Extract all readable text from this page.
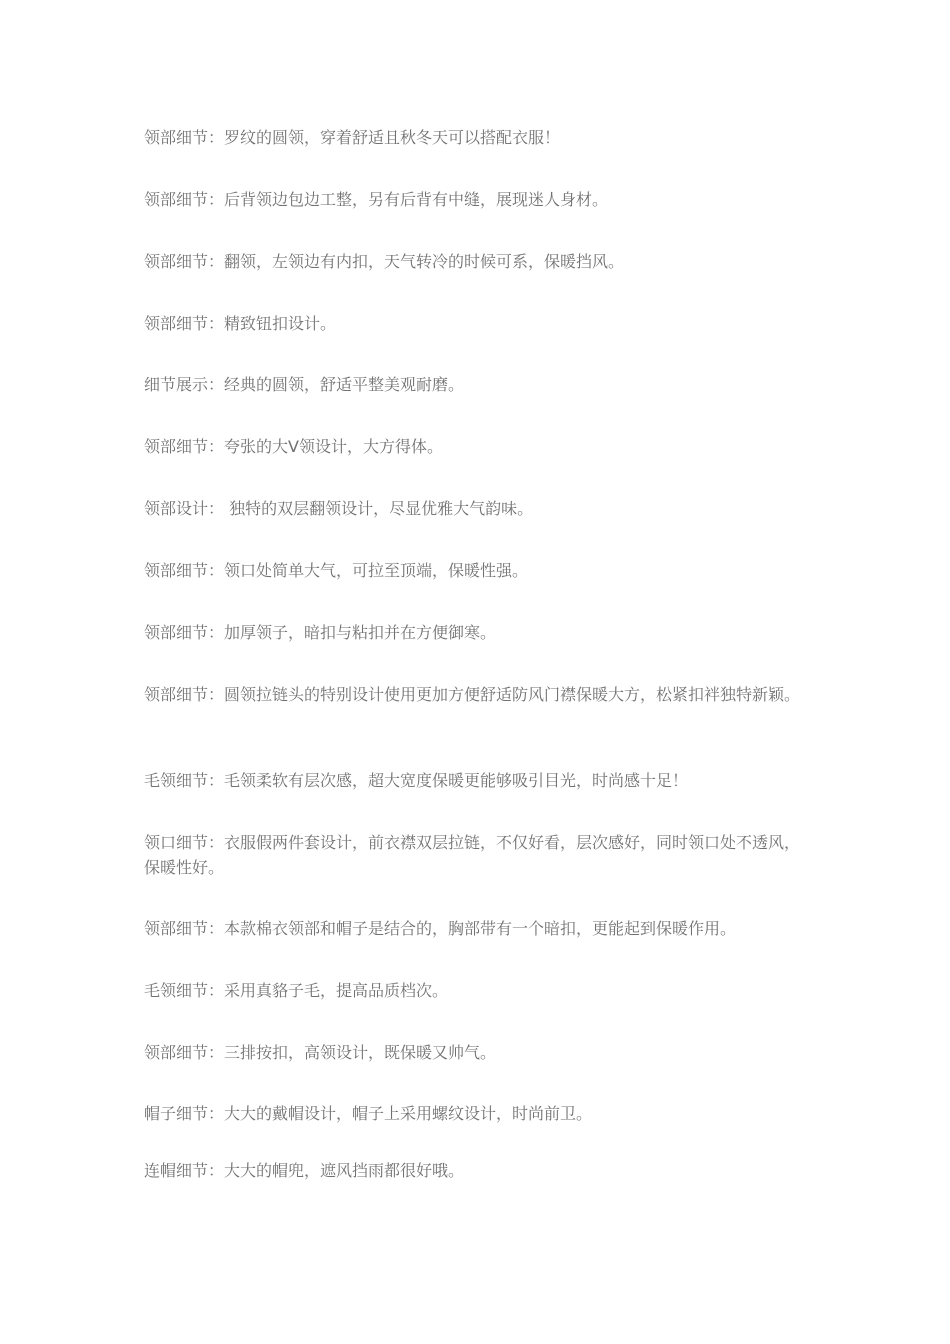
领部细节：罗纹的圆领，穿着舒适且秋冬天可以搭配衣服！

领部细节：后背领边包边工整，另有后背有中缝，展现迷人身材。

领部细节：翻领，左领边有内扣，天气转冷的时候可系，保暖挡风。

领部细节：精致钮扣设计。

细节展示：经典的圆领，舒适平整美观耐磨。

领部细节：夸张的大Ⅴ领设计，大方得体。

领部设计： 独特的双层翻领设计，尽显优雅大气韵味。

领部细节：领口处简单大气，可拉至顶端，保暖性强。

领部细节：加厚领子，暗扣与粘扣并在方便御寒。

领部细节：圆领拉链头的特别设计使用更加方便舒适防风门襟保暖大方，松紧扣袢独特新颖。

毛领细节：毛领柔软有层次感，超大宽度保暖更能够吸引目光，时尚感十足！

领口细节：衣服假两件套设计，前衣襟双层拉链，不仅好看，层次感好，同时领口处不透风，保暖性好。

领部细节：本款棉衣领部和帽子是结合的，胸部带有一个暗扣，更能起到保暖作用。

毛领细节：采用真貉子毛，提高品质档次。

领部细节：三排按扣，高领设计，既保暖又帅气。

帽子细节：大大的戴帽设计，帽子上采用螺纹设计，时尚前卫。

连帽细节：大大的帽兜，遮风挡雨都很好哦。
